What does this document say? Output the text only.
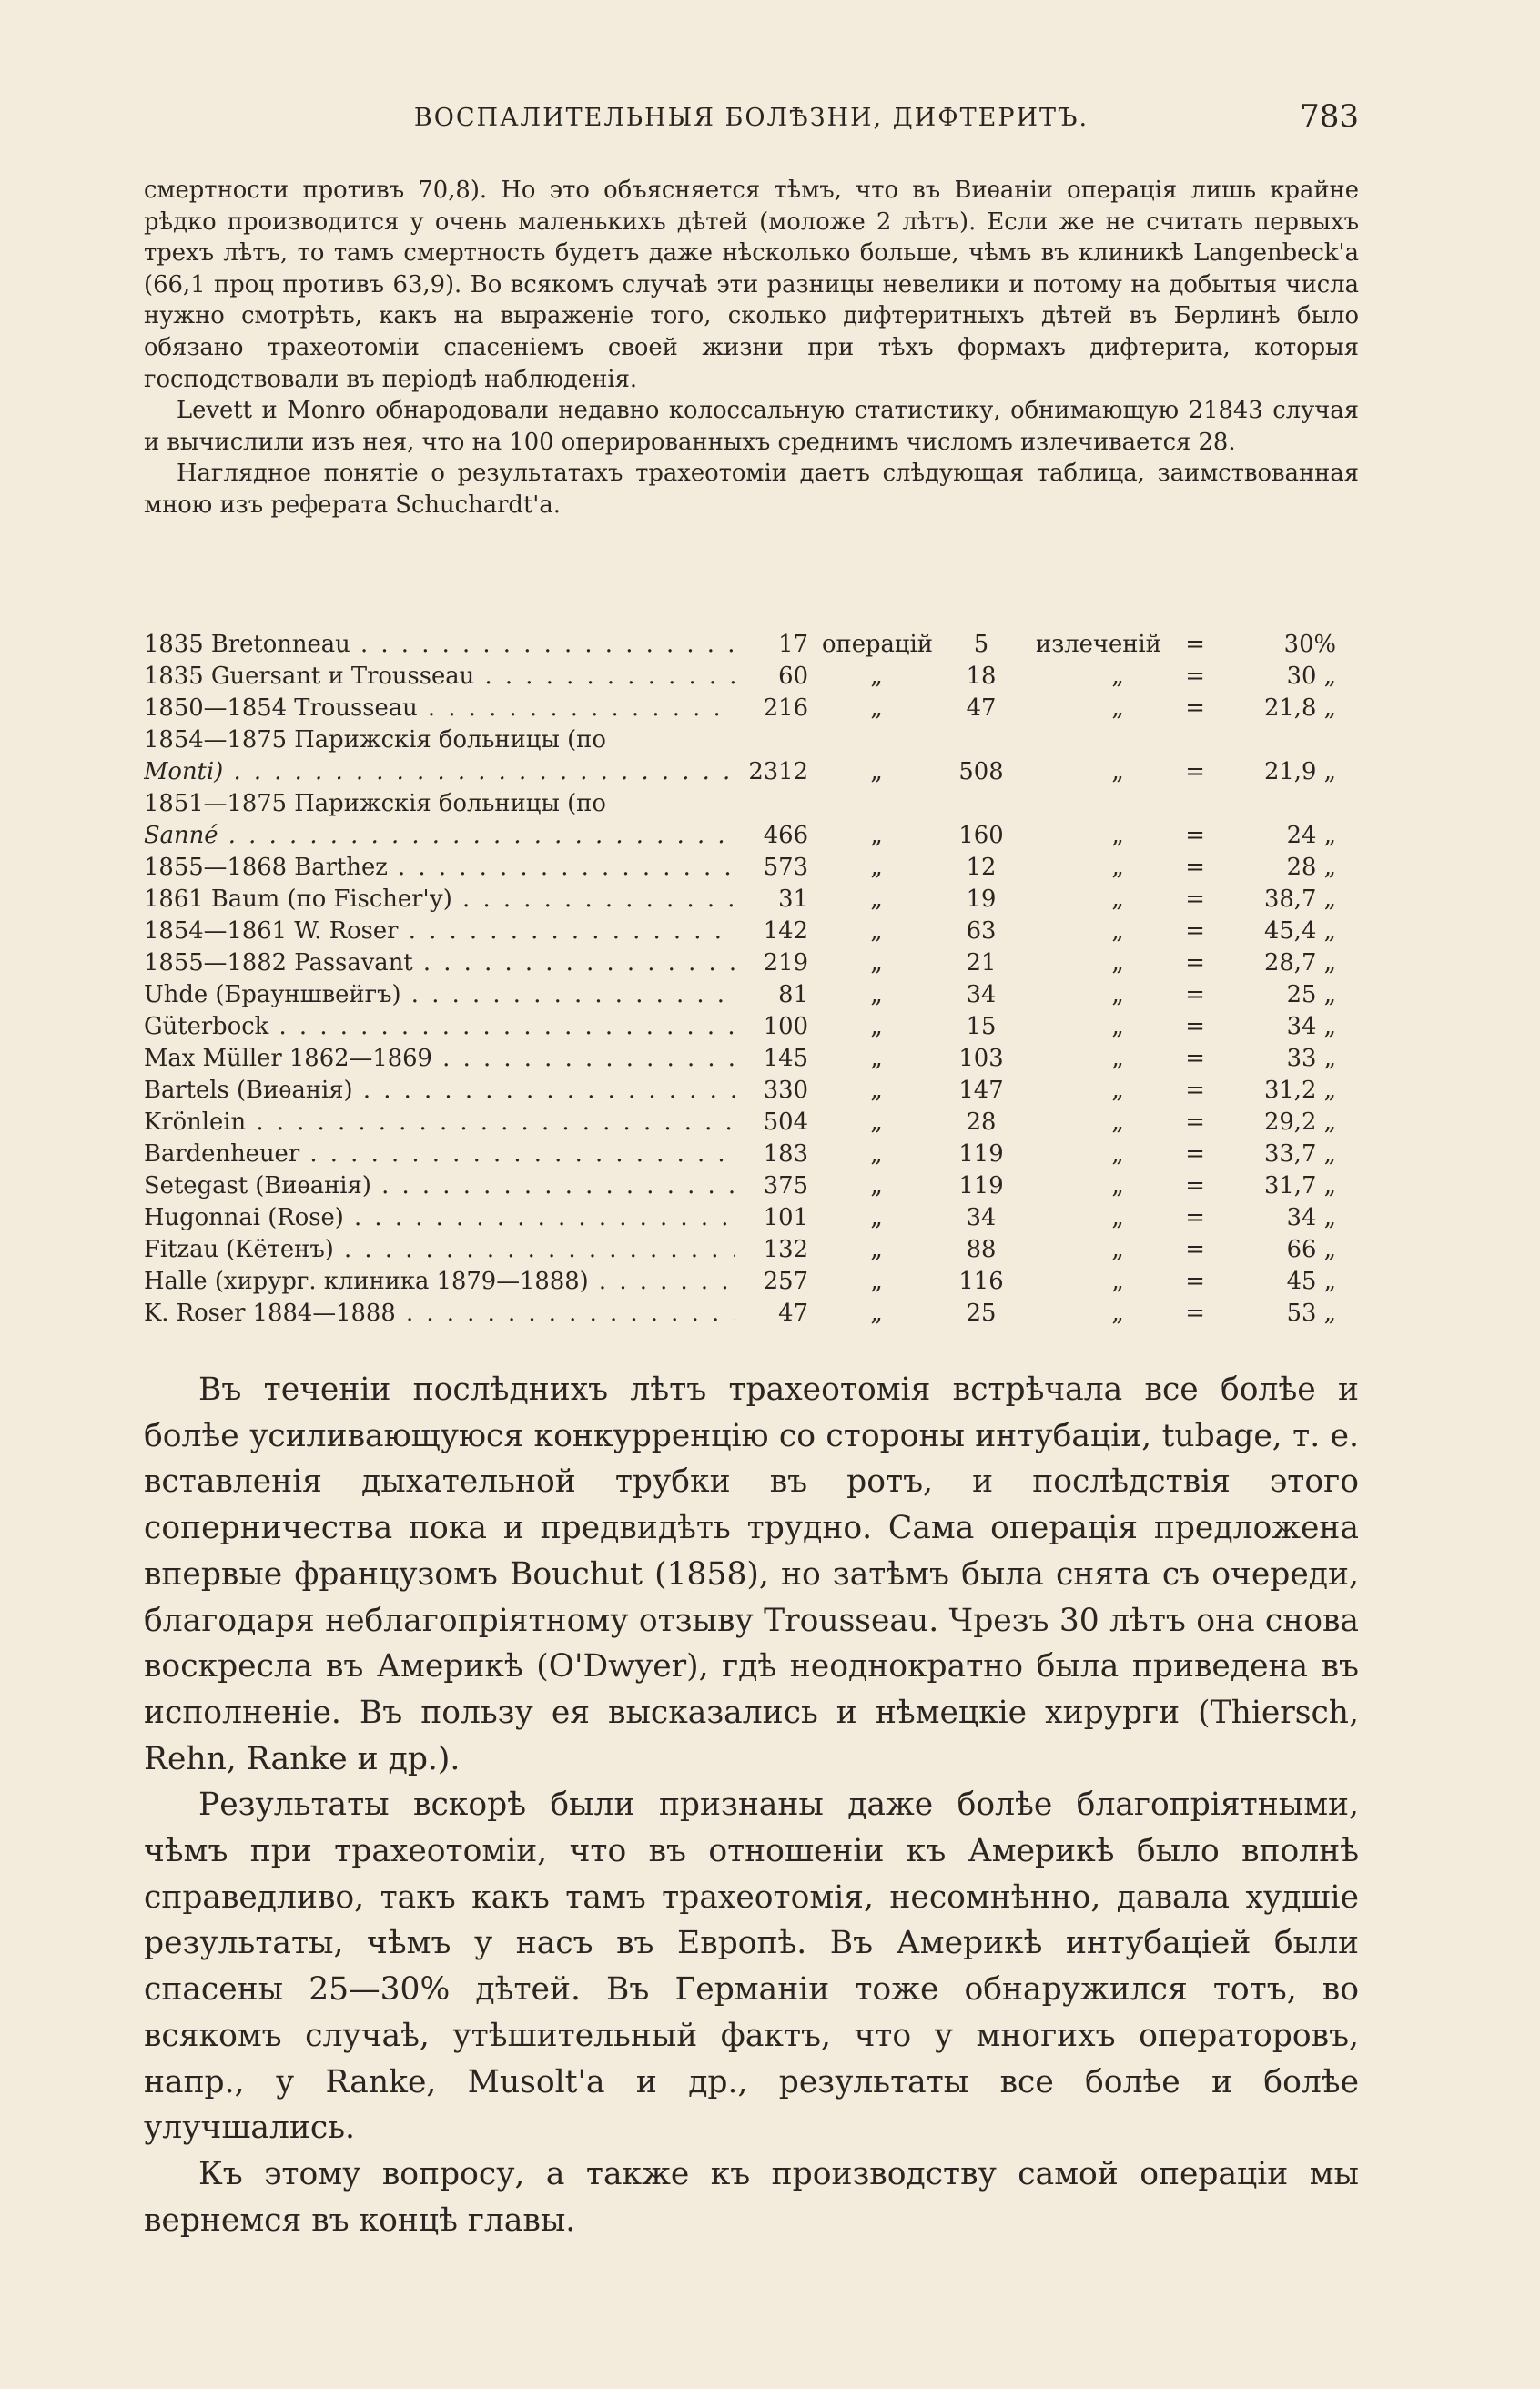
ВОСПАЛИТЕЛЬНЫЯ БОЛѢЗНИ, ДИФТЕРИТЪ.	783

смертности противъ 70,8). Но это объясняется тѣмъ, что въ Виѳаніи операція лишь крайне рѣдко производится у очень маленькихъ дѣтей (моложе 2 лѣтъ). Если же не считать первыхъ трехъ лѣтъ, то тамъ смертность будетъ даже нѣсколько больше, чѣмъ въ клиникѣ Langenbeck'а (66,1 проц противъ 63,9). Во всякомъ случаѣ эти разницы невелики и потому на добытыя числа нужно смотрѣть, какъ на выраженіе того, сколько дифтеритныхъ дѣтей въ Берлинѣ было обязано трахеотоміи спасеніемъ своей жизни при тѣхъ формахъ дифтерита, которыя господствовали въ періодѣ наблюденія.

Levett и Monro обнародовали недавно колоссальную статистику, обнимающую 21843 случая и вычислили изъ нея, что на 100 оперированныхъ среднимъ числомъ излечивается 28.

Наглядное понятіе о результатахъ трахеотоміи даетъ слѣдующая таблица, заимствованная мною изъ реферата Schuchardt'а.

1835 Bretonneau . . .	17 операцій	5	излеченій	=	30%
1835 Guersant и Trousseau . . .	60	„	18	„	=	30 „
1850—1854 Trousseau . . .	216	„	47	„	=	21,8 „
1854—1875 Парижскія больницы (по
Monti) . . .	2312	„	508	„	=	21,9 „
1851—1875 Парижскія больницы (по
Sanné . . .	466	„	160	„	=	24 „
1855—1868 Barthez . . .	573	„	12	„	=	28 „
1861 Baum (по Fischer'у) . . .	31	„	19	„	=	38,7 „
1854—1861 W. Roser . . .	142	„	63	„	=	45,4 „
1855—1882 Passavant . . .	219	„	21	„	=	28,7 „
Uhde (Брауншвейгъ) . . .	81	„	34	„	=	25 „
Güterbock . . .	100	„	15	„	=	34 „
Max Müller 1862—1869 . . .	145	„	103	„	=	33 „
Bartels (Виѳанія) . . .	330	„	147	„	=	31,2 „
Krönlein . . .	504	„	28	„	=	29,2 „
Bardenheuer . . .	183	„	119	„	=	33,7 „
Setegast (Виѳанія) . . .	375	„	119	„	=	31,7 „
Hugonnai (Rose) . . .	101	„	34	„	=	34 „
Fitzau (Кётенъ) . . .	132	„	88	„	=	66 „
Halle (хирург. клиника 1879—1888) . . .	257	„	116	„	=	45 „
K. Roser 1884—1888 . . .	47	„	25	„	=	53 „

Въ теченіи послѣднихъ лѣтъ трахеотомія встрѣчала все болѣе и болѣе усиливающуюся конкурренцію со стороны интубаціи, tubage, т. е. вставленія дыхательной трубки въ ротъ, и послѣдствія этого соперничества пока и предвидѣть трудно. Сама операція предложена впервые французомъ Bouchut (1858), но затѣмъ была снята съ очереди, благодаря неблагопріятному отзыву Trousseau. Чрезъ 30 лѣтъ она снова воскресла въ Америкѣ (O'Dwyer), гдѣ неоднократно была приведена въ исполненіе. Въ пользу ея высказались и нѣмецкіе хирурги (Thiersch, Rehn, Ranke и др.).

Результаты вскорѣ были признаны даже болѣе благопріятными, чѣмъ при трахеотоміи, что въ отношеніи къ Америкѣ было вполнѣ справедливо, такъ какъ тамъ трахеотомія, несомнѣнно, давала худшіе результаты, чѣмъ у насъ въ Европѣ. Въ Америкѣ интубаціей были спасены 25—30% дѣтей. Въ Германіи тоже обнаружился тотъ, во всякомъ случаѣ, утѣшительный фактъ, что у многихъ операторовъ, напр., у Ranke, Musolt'а и др., результаты все болѣе и болѣе улучшались.

Къ этому вопросу, а также къ производству самой операціи мы вернемся въ концѣ главы.
